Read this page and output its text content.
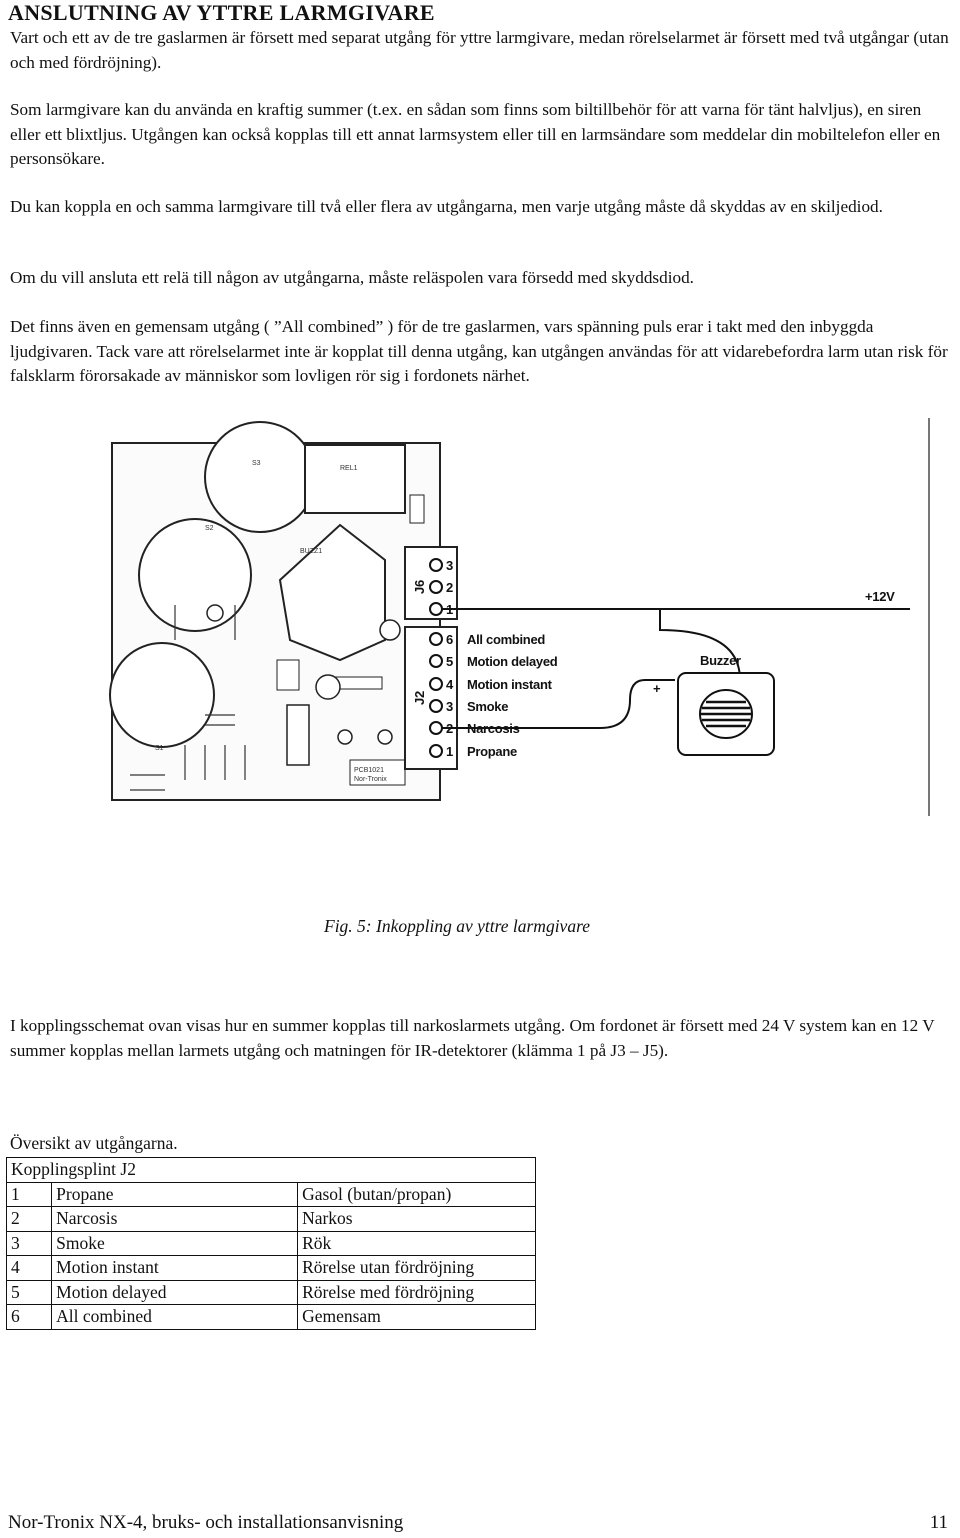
ANSLUTNING AV YTTRE LARMGIVARE
Vart och ett av de tre gaslarmen är försett med separat utgång för yttre larmgivare, medan rörelselarmet är försett med två utgångar (utan och med fördröjning).
Som larmgivare kan du använda en kraftig summer (t.ex. en sådan som finns som biltillbehör för att varna för tänt halvljus), en siren eller ett blixtljus. Utgången kan också kopplas till ett annat larmsystem eller till en larmsändare som meddelar din mobiltelefon eller en personsökare.
Du kan koppla en och samma larmgivare till två eller flera av utgångarna, men varje utgång måste då skyddas av en skiljediod.
Om du vill ansluta ett relä till någon av utgångarna, måste reläspolen vara försedd med skyddsdiod.
Det finns även en gemensam utgång ( ”All combined” ) för de tre gaslarmen, vars spänning puls erar i takt med den inbyggda ljudgivaren. Tack vare att rörelselarmet inte är kopplat till denna utgång, kan utgången användas för att vidarebefordra larm utan risk för falsklarm förorsakade av människor som lovligen rör sig i fordonets närhet.
S3
S2
S1
BUZZ1
REL1
PCB1021
Nor-Tronix
J6
3
2
1
J2
6 All combined
5 Motion delayed
4 Motion instant
3 Smoke
2 Narcosis
1 Propane
+12V
Buzzer
+
Fig. 5: Inkoppling av yttre larmgivare
I kopplingsschemat ovan visas hur en summer kopplas till narkoslarmets utgång. Om fordonet är försett med 24 V system kan en 12 V summer kopplas mellan larmets utgång och matningen för IR-detektorer (klämma 1 på J3 – J5).
Översikt av utgångarna.
Kopplingsplint J2		
1	Propane	Gasol (butan/propan)
2	Narcosis	Narkos
3	Smoke	Rök
4	Motion instant	Rörelse utan fördröjning
5	Motion delayed	Rörelse med fördröjning
6	All combined	Gemensam
Nor-Tronix NX-4, bruks- och installationsanvisning	11
